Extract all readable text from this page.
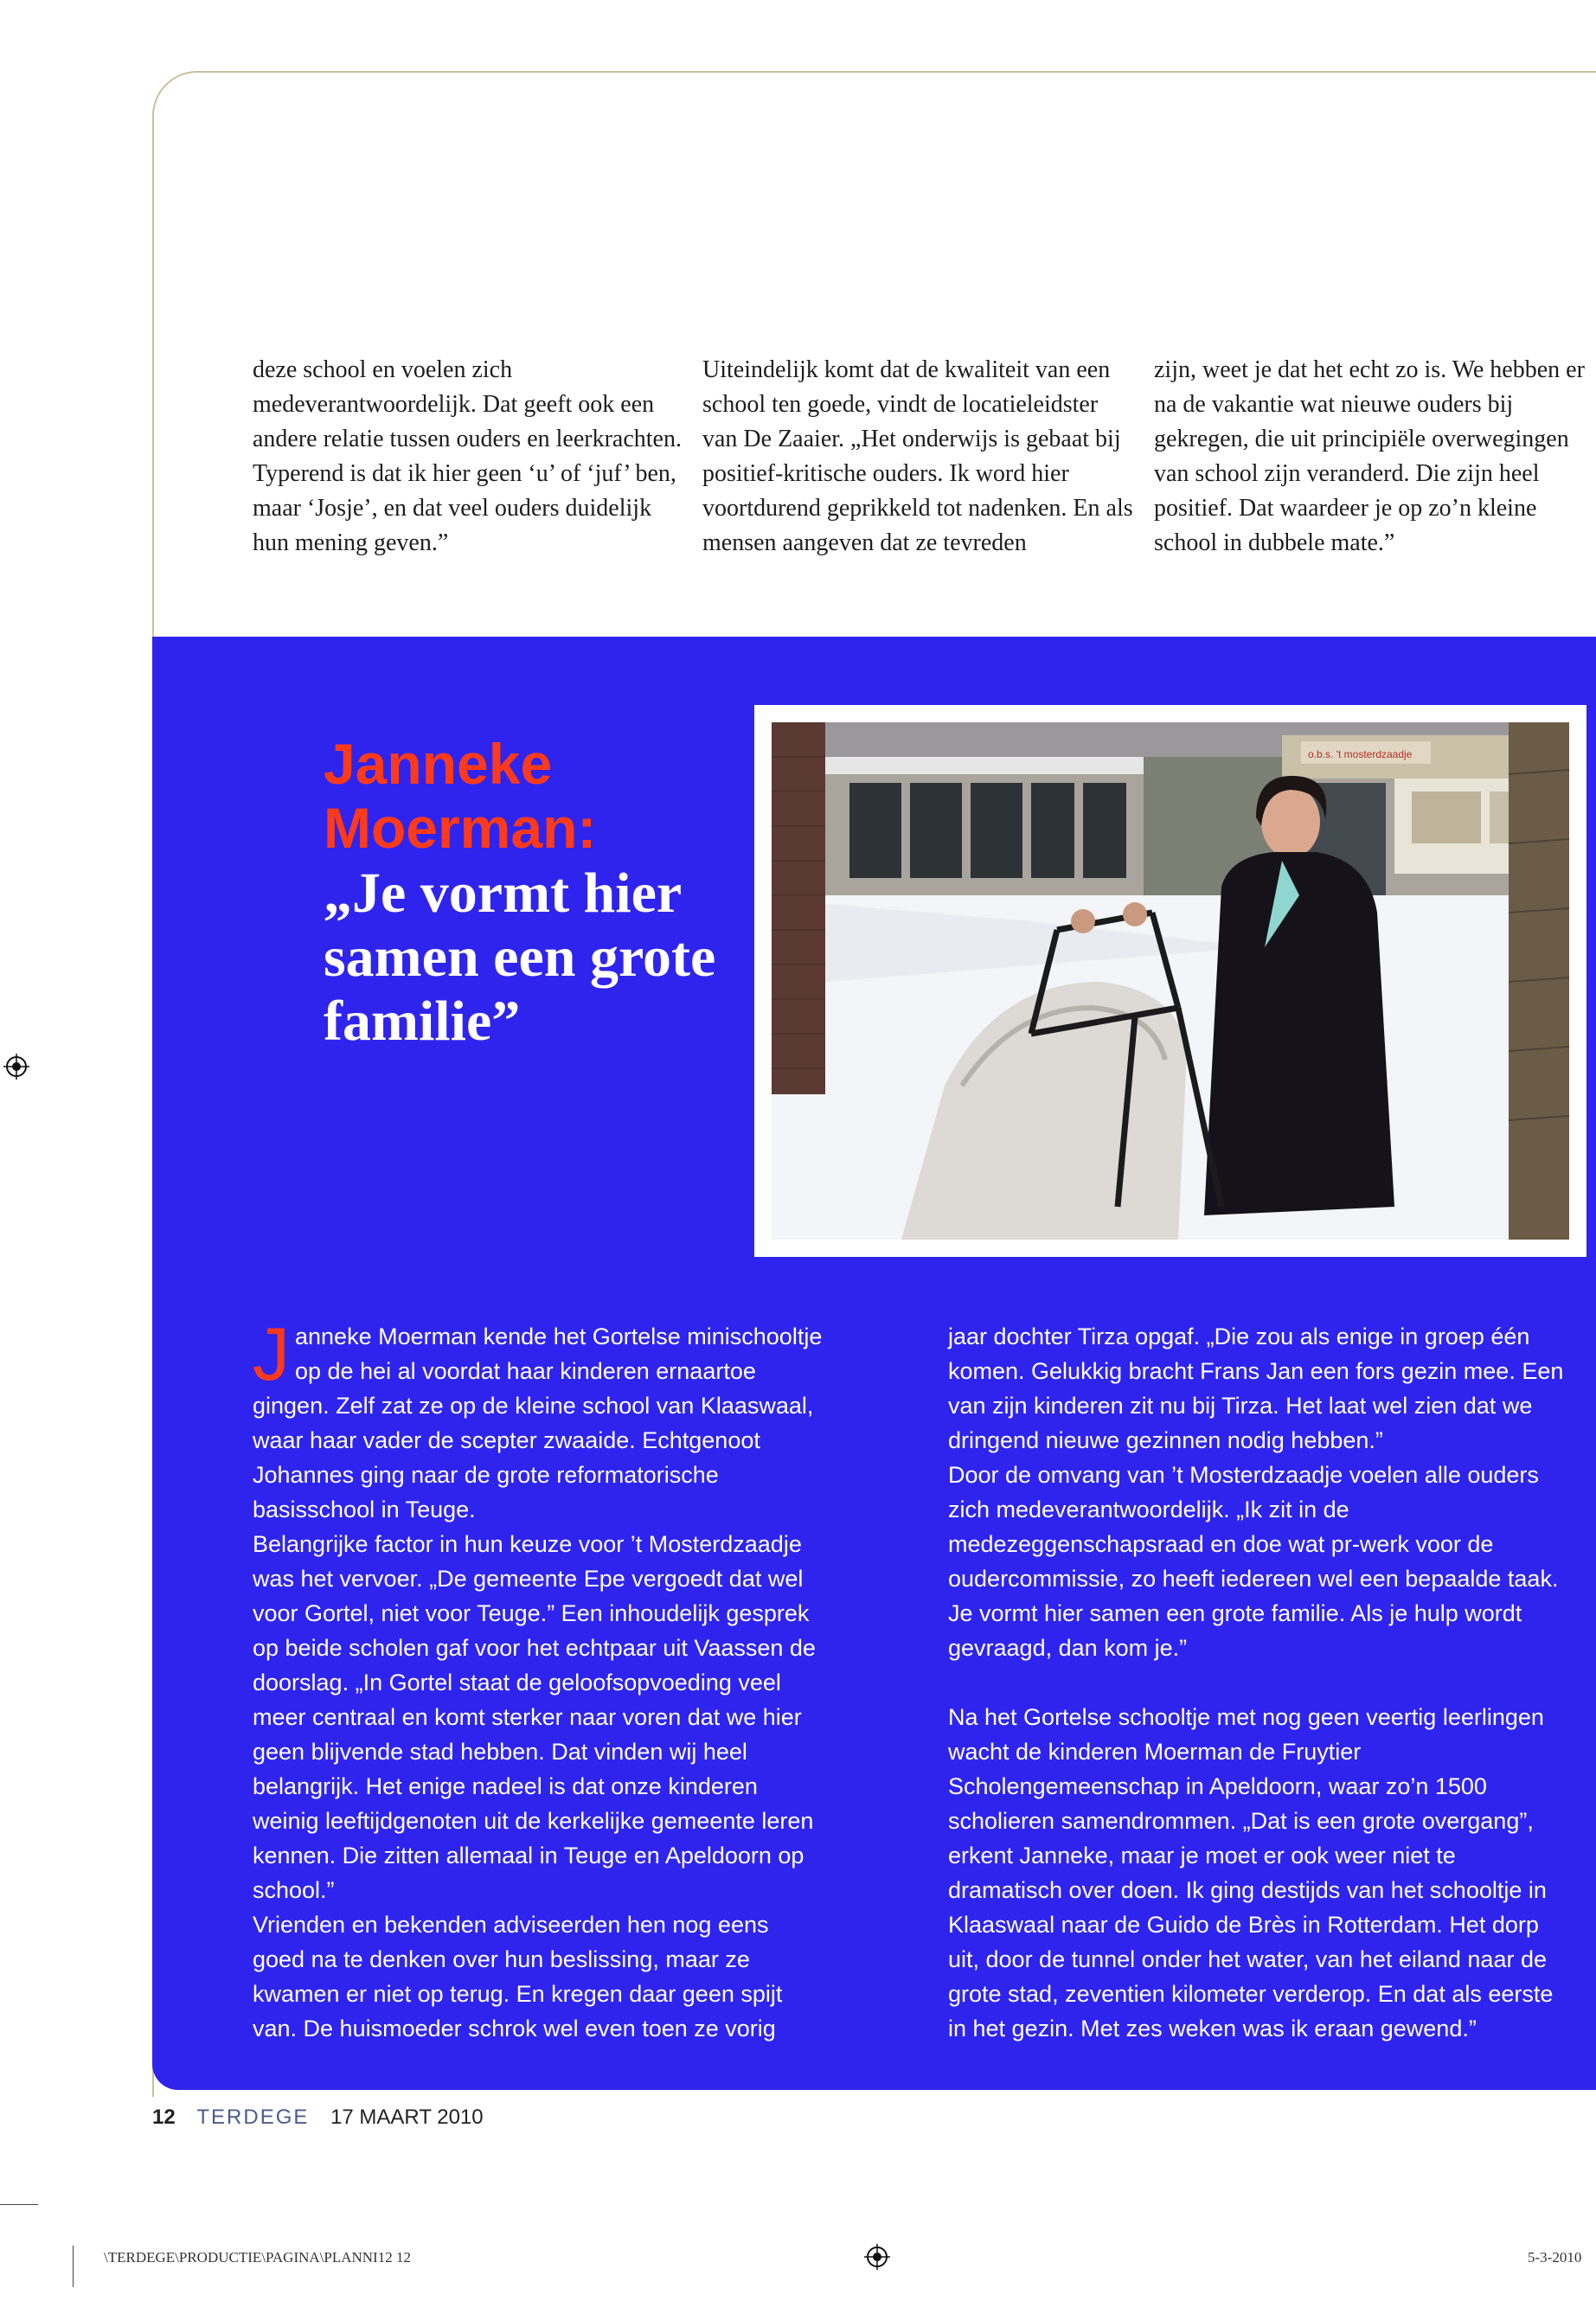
deze school en voelen zich medeverantwoordelijk. Dat geeft ook een andere relatie tussen ouders en leerkrachten. Typerend is dat ik hier geen ‘u’ of ‘juf’ ben, maar ‘Josje’, en dat veel ouders duidelijk hun mening geven.”
Uiteindelijk komt dat de kwaliteit van een school ten goede, vindt de locatieleidster van De Zaaier. „Het onderwijs is gebaat bij positief-kritische ouders. Ik word hier voortdurend geprikkeld tot nadenken. En als mensen aangeven dat ze tevreden
zijn, weet je dat het echt zo is. We hebben er na de vakantie wat nieuwe ouders bij gekregen, die uit principiële overwegingen van school zijn veranderd. Die zijn heel positief. Dat waardeer je op zo’n kleine school in dubbele mate.”
Janneke Moerman:
„Je vormt hier samen een grote familie”
o.b.s. 't mosterdzaadje

Janneke Moerman kende het Gortelse minischooltje op de hei al voordat haar kinderen ernaartoe gingen. Zelf zat ze op de kleine school van Klaaswaal, waar haar vader de scepter zwaaide. Echtgenoot Johannes ging naar de grote reformatorische basisschool in Teuge.

Belangrijke factor in hun keuze voor ’t Mosterdzaadje was het vervoer. „De gemeente Epe vergoedt dat wel voor Gortel, niet voor Teuge.” Een inhoudelijk gesprek op beide scholen gaf voor het echtpaar uit Vaassen de doorslag. „In Gortel staat de geloofsopvoeding veel meer centraal en komt sterker naar voren dat we hier geen blijvende stad hebben. Dat vinden wij heel belangrijk. Het enige nadeel is dat onze kinderen weinig leeftijdgenoten uit de kerkelijke gemeente leren kennen. Die zitten allemaal in Teuge en Apeldoorn op school.”

Vrienden en bekenden adviseerden hen nog eens goed na te denken over hun beslissing, maar ze kwamen er niet op terug. En kregen daar geen spijt van. De huismoeder schrok wel even toen ze vorig

jaar dochter Tirza opgaf. „Die zou als enige in groep één komen. Gelukkig bracht Frans Jan een fors gezin mee. Een van zijn kinderen zit nu bij Tirza. Het laat wel zien dat we dringend nieuwe gezinnen nodig hebben.”

Door de omvang van ’t Mosterdzaadje voelen alle ouders zich medeverantwoordelijk. „Ik zit in de medezeggenschapsraad en doe wat pr-werk voor de oudercommissie, zo heeft iedereen wel een bepaalde taak. Je vormt hier samen een grote familie. Als je hulp wordt gevraagd, dan kom je.”

Na het Gortelse schooltje met nog geen veertig leerlingen wacht de kinderen Moerman de Fruytier Scholengemeenschap in Apeldoorn, waar zo’n 1500 scholieren samendrommen. „Dat is een grote overgang”, erkent Janneke, maar je moet er ook weer niet te dramatisch over doen. Ik ging destijds van het schooltje in Klaaswaal naar de Guido de Brès in Rotterdam. Het dorp uit, door de tunnel onder het water, van het eiland naar de grote stad, zeventien kilometer verderop. En dat als eerste in het gezin. Met zes weken was ik eraan gewend.”

12 TERDEGE 17 MAART 2010
\TERDEGE\PRODUCTIE\PAGINA\PLANNI12 12	5-3-2010
